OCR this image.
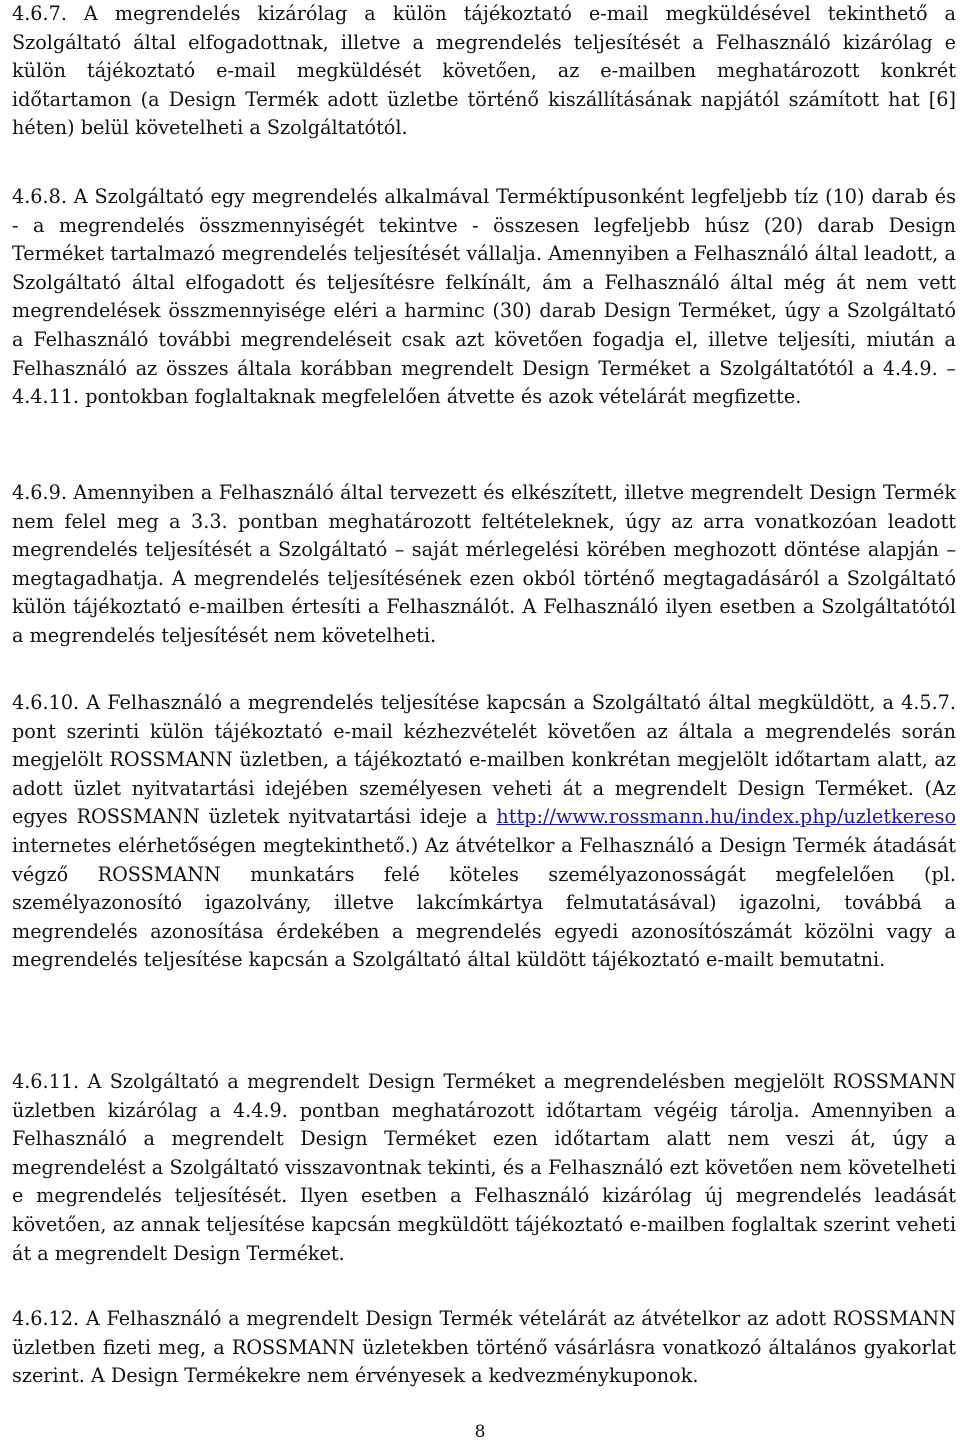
4.6.7. A megrendelés kizárólag a külön tájékoztató e-mail megküldésével tekinthető a Szolgáltató által elfogadottnak, illetve a megrendelés teljesítését a Felhasználó kizárólag e külön tájékoztató e-mail megküldését követően, az e-mailben meghatározott konkrét időtartamon (a Design Termék adott üzletbe történő kiszállításának napjától számított hat [6] héten) belül követelheti a Szolgáltatótól.

4.6.8. A Szolgáltató egy megrendelés alkalmával Terméktípusonként legfeljebb tíz (10) darab és - a megrendelés összmennyiségét tekintve - összesen legfeljebb húsz (20) darab Design Terméket tartalmazó megrendelés teljesítését vállalja. Amennyiben a Felhasználó által leadott, a Szolgáltató által elfogadott és teljesítésre felkínált, ám a Felhasználó által még át nem vett megrendelések összmennyisége eléri a harminc (30) darab Design Terméket, úgy a Szolgáltató a Felhasználó további megrendeléseit csak azt követően fogadja el, illetve teljesíti, miután a Felhasználó az összes általa korábban megrendelt Design Terméket a Szolgáltatótól a 4.4.9. – 4.4.11. pontokban foglaltaknak megfelelően átvette és azok vételárát megfizette.

4.6.9. Amennyiben a Felhasználó által tervezett és elkészített, illetve megrendelt Design Termék nem felel meg a 3.3. pontban meghatározott feltételeknek, úgy az arra vonatkozóan leadott megrendelés teljesítését a Szolgáltató – saját mérlegelési körében meghozott döntése alapján – megtagadhatja. A megrendelés teljesítésének ezen okból történő megtagadásáról a Szolgáltató külön tájékoztató e-mailben értesíti a Felhasználót. A Felhasználó ilyen esetben a Szolgáltatótól a megrendelés teljesítését nem követelheti.

4.6.10. A Felhasználó a megrendelés teljesítése kapcsán a Szolgáltató által megküldött, a 4.5.7. pont szerinti külön tájékoztató e-mail kézhezvételét követően az általa a megrendelés során megjelölt ROSSMANN üzletben, a tájékoztató e-mailben konkrétan megjelölt időtartam alatt, az adott üzlet nyitvatartási idejében személyesen veheti át a megrendelt Design Terméket. (Az egyes ROSSMANN üzletek nyitvatartási ideje a http://www.rossmann.hu/index.php/uzletkereso internetes elérhetőségen megtekinthető.) Az átvételkor a Felhasználó a Design Termék átadását végző ROSSMANN munkatárs felé köteles személyazonosságát megfelelően (pl. személyazonosító igazolvány, illetve lakcímkártya felmutatásával) igazolni, továbbá a megrendelés azonosítása érdekében a megrendelés egyedi azonosítószámát közölni vagy a megrendelés teljesítése kapcsán a Szolgáltató által küldött tájékoztató e-mailt bemutatni.

4.6.11. A Szolgáltató a megrendelt Design Terméket a megrendelésben megjelölt ROSSMANN üzletben kizárólag a 4.4.9. pontban meghatározott időtartam végéig tárolja. Amennyiben a Felhasználó a megrendelt Design Terméket ezen időtartam alatt nem veszi át, úgy a megrendelést a Szolgáltató visszavontnak tekinti, és a Felhasználó ezt követően nem követelheti e megrendelés teljesítését. Ilyen esetben a Felhasználó kizárólag új megrendelés leadását követően, az annak teljesítése kapcsán megküldött tájékoztató e-mailben foglaltak szerint veheti át a megrendelt Design Terméket.

4.6.12. A Felhasználó a megrendelt Design Termék vételárát az átvételkor az adott ROSSMANN üzletben fizeti meg, a ROSSMANN üzletekben történő vásárlásra vonatkozó általános gyakorlat szerint. A Design Termékekre nem érvényesek a kedvezménykuponok.

8
